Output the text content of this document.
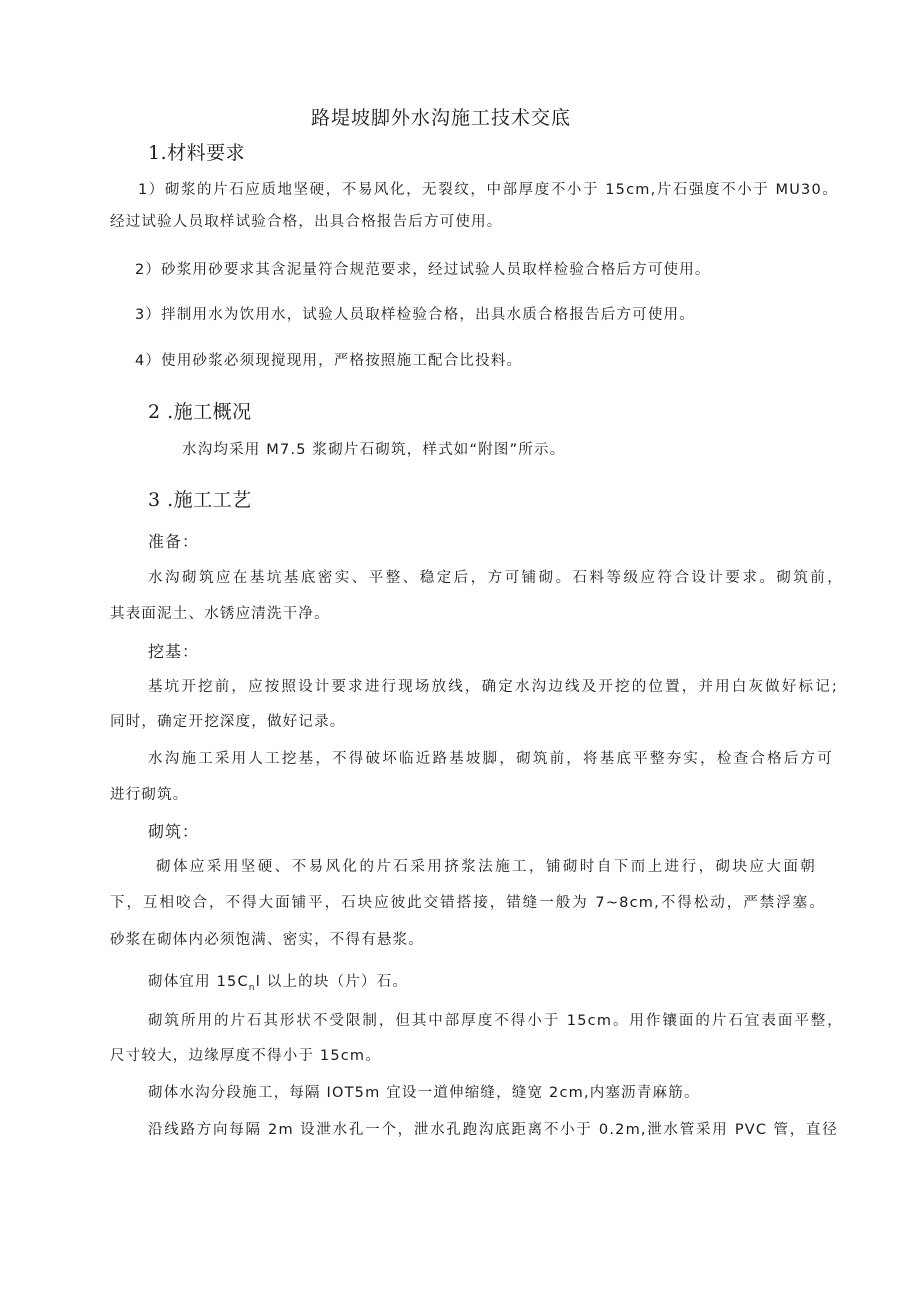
路堤坡脚外水沟施工技术交底
1.材料要求
1）砌浆的片石应质地坚硬，不易风化，无裂纹，中部厚度不小于 15cm,片石强度不小于 MU30。
经过试验人员取样试验合格，出具合格报告后方可使用。
2）砂浆用砂要求其含泥量符合规范要求，经过试验人员取样检验合格后方可使用。
3）拌制用水为饮用水，试验人员取样检验合格，出具水质合格报告后方可使用。
4）使用砂浆必须现搅现用，严格按照施工配合比投料。
2 .施工概况
水沟均采用 M7.5 浆砌片石砌筑，样式如“附图”所示。
3 .施工工艺
准备：
水沟砌筑应在基坑基底密实、平整、稳定后，方可铺砌。石料等级应符合设计要求。砌筑前，
其表面泥土、水锈应清洗干净。
挖基：
基坑开挖前，应按照设计要求进行现场放线，确定水沟边线及开挖的位置，并用白灰做好标记;
同时，确定开挖深度，做好记录。
水沟施工采用人工挖基，不得破坏临近路基坡脚，砌筑前，将基底平整夯实，检查合格后方可
进行砌筑。
砌筑：
砌体应采用坚硬、不易风化的片石采用挤浆法施工，铺砌时自下而上进行，砌块应大面朝
下，互相咬合，不得大面铺平，石块应彼此交错搭接，错缝一般为 7~8cm,不得松动，严禁浮塞。
砂浆在砌体内必须饱满、密实，不得有悬浆。
砌体宜用 $15C_nl$ 以上的块（片）石。
砌筑所用的片石其形状不受限制，但其中部厚度不得小于 15cm。用作镶面的片石宜表面平整，
尺寸较大，边缘厚度不得小于 15cm。
砌体水沟分段施工，每隔 IOT5m 宜设一道伸缩缝，缝宽 2cm,内塞沥青麻筋。
沿线路方向每隔 2m 设泄水孔一个，泄水孔跑沟底距离不小于 0.2m,泄水管采用 PVC 管，直径
